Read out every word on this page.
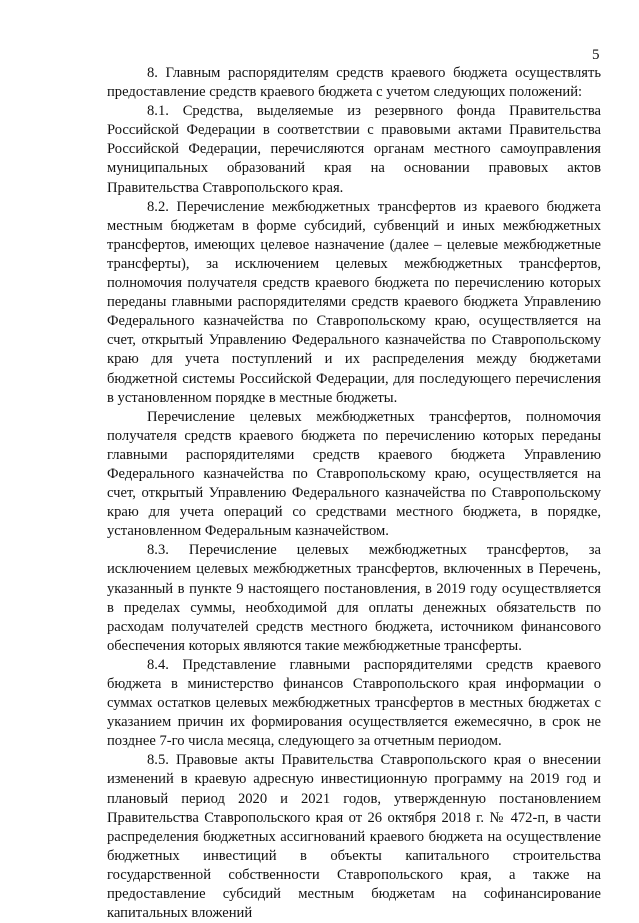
5

8. Главным распорядителям средств краевого бюджета осуществлять предоставление средств краевого бюджета с учетом следующих положений:

8.1. Средства, выделяемые из резервного фонда Правительства Российской Федерации в соответствии с правовыми актами Правительства Российской Федерации, перечисляются органам местного самоуправления муниципальных образований края на основании правовых актов Правительства Ставропольского края.

8.2. Перечисление межбюджетных трансфертов из краевого бюджета местным бюджетам в форме субсидий, субвенций и иных межбюджетных трансфертов, имеющих целевое назначение (далее – целевые межбюджетные трансферты), за исключением целевых межбюджетных трансфертов, полномочия получателя средств краевого бюджета по перечислению которых переданы главными распорядителями средств краевого бюджета Управлению Федерального казначейства по Ставропольскому краю, осуществляется на счет, открытый Управлению Федерального казначейства по Ставропольскому краю для учета поступлений и их распределения между бюджетами бюджетной системы Российской Федерации, для последующего перечисления в установленном порядке в местные бюджеты.

Перечисление целевых межбюджетных трансфертов, полномочия получателя средств краевого бюджета по перечислению которых переданы главными распорядителями средств краевого бюджета Управлению Федерального казначейства по Ставропольскому краю, осуществляется на счет, открытый Управлению Федерального казначейства по Ставропольскому краю для учета операций со средствами местного бюджета, в порядке, установленном Федеральным казначейством.

8.3. Перечисление целевых межбюджетных трансфертов, за исключением целевых межбюджетных трансфертов, включенных в Перечень, указанный в пункте 9 настоящего постановления, в 2019 году осуществляется в пределах суммы, необходимой для оплаты денежных обязательств по расходам получателей средств местного бюджета, источником финансового обеспечения которых являются такие межбюджетные трансферты.

8.4. Представление главными распорядителями средств краевого бюджета в министерство финансов Ставропольского края информации о суммах остатков целевых межбюджетных трансфертов в местных бюджетах с указанием причин их формирования осуществляется ежемесячно, в срок не позднее 7-го числа месяца, следующего за отчетным периодом.

8.5. Правовые акты Правительства Ставропольского края о внесении изменений в краевую адресную инвестиционную программу на 2019 год и плановый период 2020 и 2021 годов, утвержденную постановлением Правительства Ставропольского края от 26 октября 2018 г. № 472-п, в части распределения бюджетных ассигнований краевого бюджета на осуществление бюджетных инвестиций в объекты капитального строительства государственной собственности Ставропольского края, а также на предоставление субсидий местным бюджетам на софинансирование капитальных вложений
